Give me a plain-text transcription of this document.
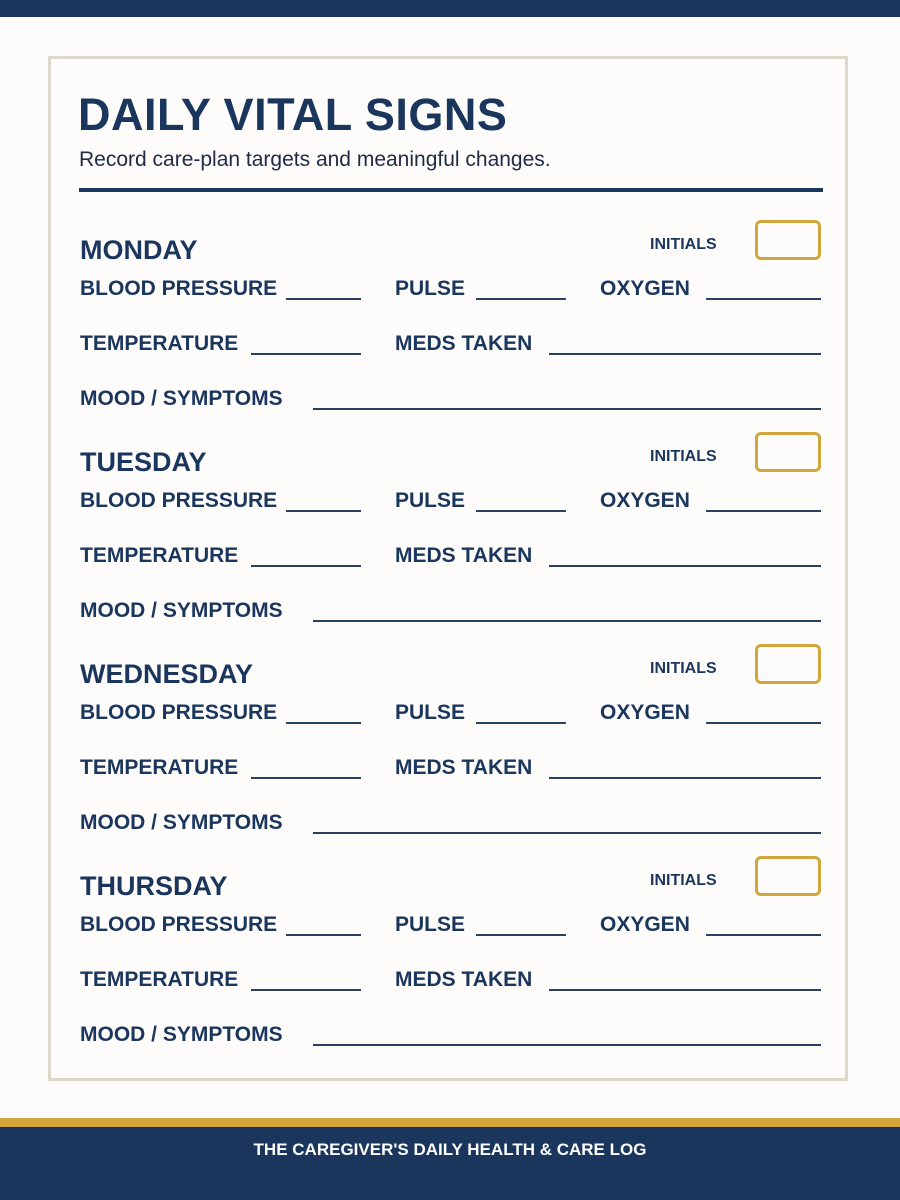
DAILY VITAL SIGNS

Record care-plan targets and meaningful changes.

MONDAY	INITIALS
BLOOD PRESSURE	PULSE	OXYGEN
TEMPERATURE	MEDS TAKEN
MOOD / SYMPTOMS
TUESDAY	INITIALS
BLOOD PRESSURE	PULSE	OXYGEN
TEMPERATURE	MEDS TAKEN
MOOD / SYMPTOMS
WEDNESDAY	INITIALS
BLOOD PRESSURE	PULSE	OXYGEN
TEMPERATURE	MEDS TAKEN
MOOD / SYMPTOMS
THURSDAY	INITIALS
BLOOD PRESSURE	PULSE	OXYGEN
TEMPERATURE	MEDS TAKEN
MOOD / SYMPTOMS
THE CAREGIVER'S DAILY HEALTH & CARE LOG
